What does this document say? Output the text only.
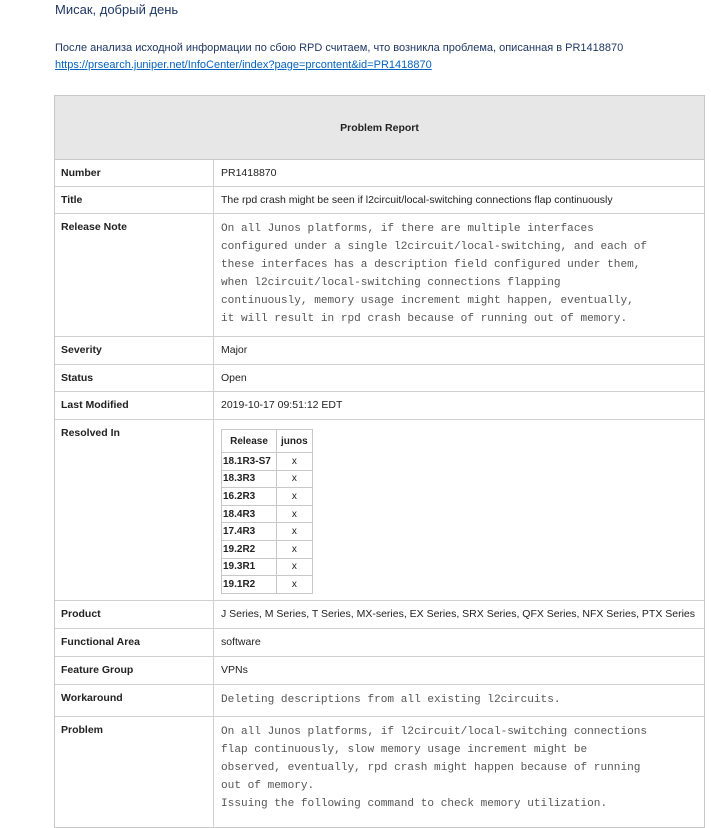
Мисак, добрый день
После анализа исходной информации по сбою RPD считаем, что возникла проблема, описанная в PR1418870
https://prsearch.juniper.net/InfoCenter/index?page=prcontent&id=PR1418870
Problem Report
Number	PR1418870
Title	The rpd crash might be seen if l2circuit/local-switching connections flap continuously
Release Note	On all Junos platforms, if there are multiple interfaces
configured under a single l2circuit/local-switching, and each of
these interfaces has a description field configured under them,
when l2circuit/local-switching connections flapping
continuously, memory usage increment might happen, eventually,
it will result in rpd crash because of running out of memory.
Severity	Major
Status	Open
Last Modified	2019-10-17 09:51:12 EDT
Resolved In
Release	junos
18.1R3-S7	x
18.3R3	x
16.2R3	x
18.4R3	x
17.4R3	x
19.2R2	x
19.3R1	x
19.1R2	x
Product	J Series, M Series, T Series, MX-series, EX Series, SRX Series, QFX Series, NFX Series, PTX Series
Functional Area	software
Feature Group	VPNs
Workaround	Deleting descriptions from all existing l2circuits.
Problem	On all Junos platforms, if l2circuit/local-switching connections
flap continuously, slow memory usage increment might be
observed, eventually, rpd crash might happen because of running
out of memory.
Issuing the following command to check memory utilization.
